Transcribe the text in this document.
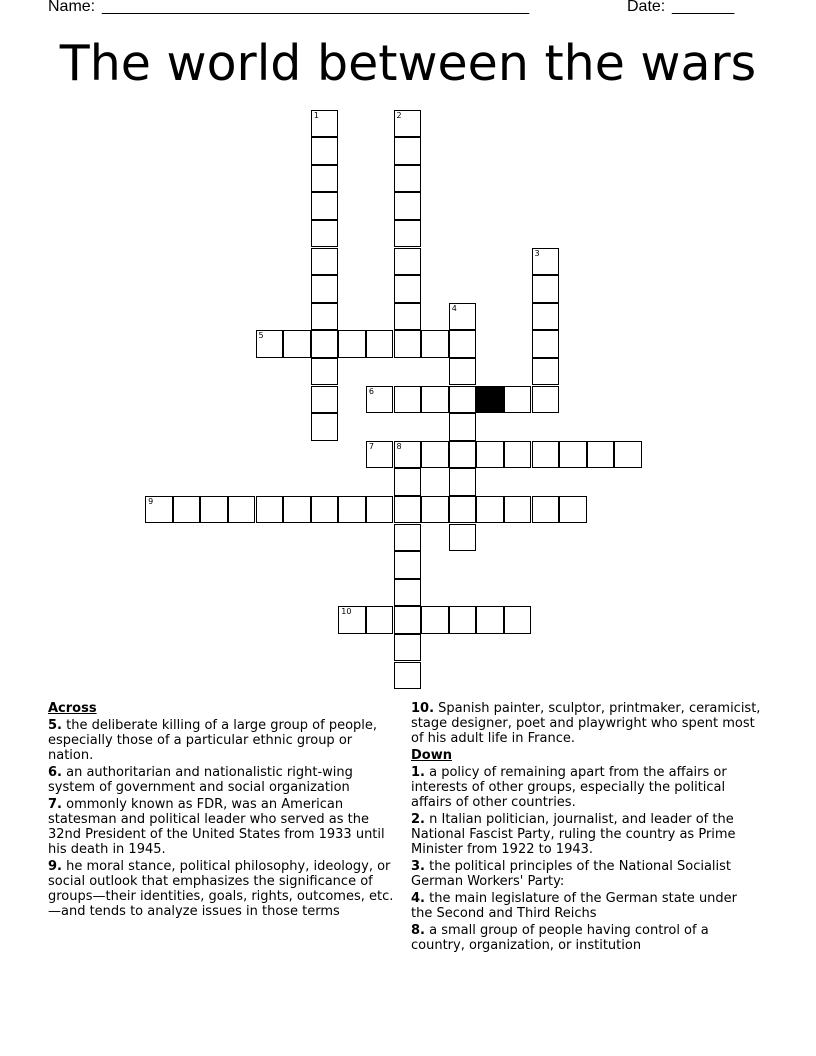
Name: ________________________________________________	Date: _______
The world between the wars
1	2
3
4
5
6
7	8
9
10
Across
5. the deliberate killing of a large group of people, especially those of a particular ethnic group or nation.
6. an authoritarian and nationalistic right-wing system of government and social organization
7. ommonly known as FDR, was an American statesman and political leader who served as the 32nd President of the United States from 1933 until his death in 1945.
9. he moral stance, political philosophy, ideology, or social outlook that emphasizes the significance of groups—their identities, goals, rights, outcomes, etc.—and tends to analyze issues in those terms
10. Spanish painter, sculptor, printmaker, ceramicist, stage designer, poet and playwright who spent most of his adult life in France.
Down
1. a policy of remaining apart from the affairs or interests of other groups, especially the political affairs of other countries.
2. n Italian politician, journalist, and leader of the National Fascist Party, ruling the country as Prime Minister from 1922 to 1943.
3. the political principles of the National Socialist German Workers' Party:
4. the main legislature of the German state under the Second and Third Reichs
8. a small group of people having control of a country, organization, or institution
